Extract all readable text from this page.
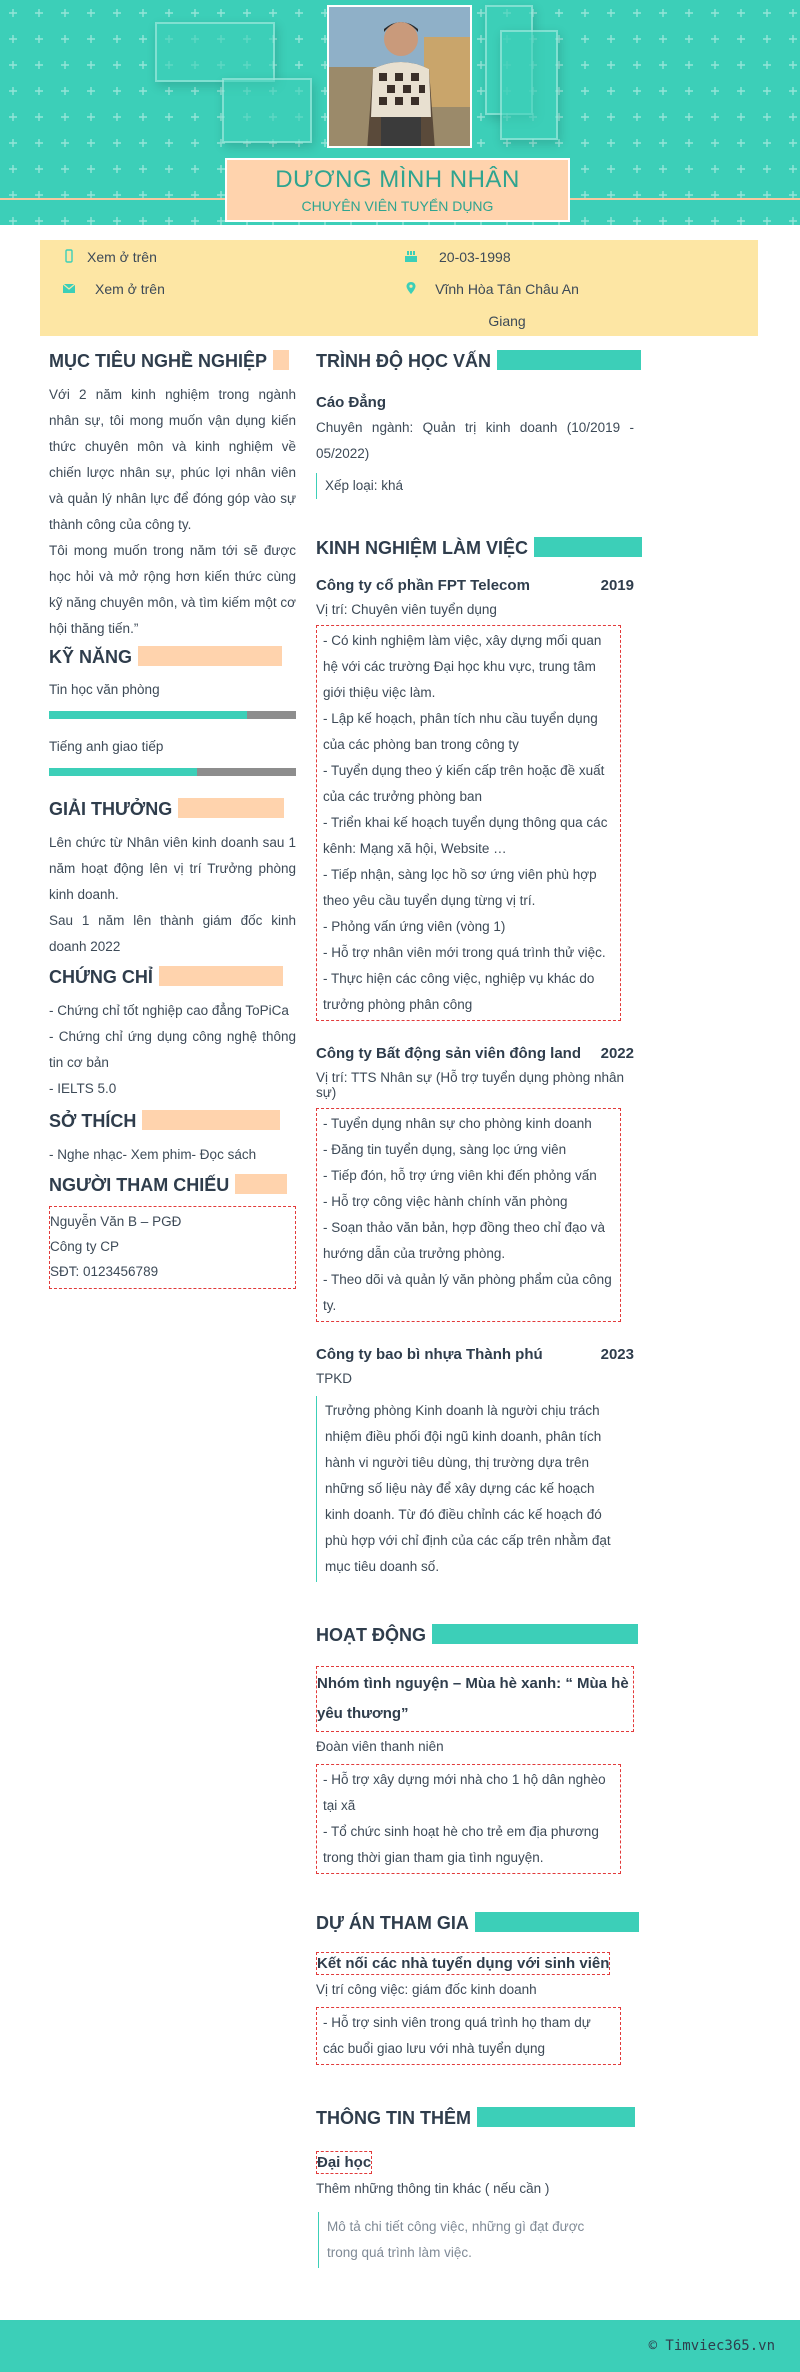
DƯƠNG MÌNH NHÂN
CHUYÊN VIÊN TUYỂN DỤNG
Xem ở trên
Xem ở trên
20-03-1998
Vĩnh Hòa Tân Châu An Giang
MỤC TIÊU NGHỀ NGHIỆP
Với 2 năm kinh nghiệm trong ngành nhân sự, tôi mong muốn vận dụng kiến thức chuyên môn và kinh nghiệm về chiến lược nhân sự, phúc lợi nhân viên và quản lý nhân lực để đóng góp vào sự thành công của công ty.
Tôi mong muốn trong năm tới sẽ được học hỏi và mở rộng hơn kiến thức cùng kỹ năng chuyên môn, và tìm kiếm một cơ hội thăng tiến.”
KỸ NĂNG
Tin học văn phòng
Tiếng anh giao tiếp
GIẢI THƯỞNG
Lên chức từ Nhân viên kinh doanh sau 1 năm hoạt động lên vị trí Trưởng phòng kinh doanh.
Sau 1 năm lên thành giám đốc kinh doanh 2022
CHỨNG CHỈ
- Chứng chỉ tốt nghiệp cao đẳng ToPiCa
- Chứng chỉ ứng dụng công nghệ thông tin cơ bản
- IELTS 5.0
SỞ THÍCH
- Nghe nhạc- Xem phim- Đọc sách
NGƯỜI THAM CHIẾU
Nguyễn Văn B – PGĐ
Công ty CP
SĐT: 0123456789
TRÌNH ĐỘ HỌC VẤN
Cáo Đẳng
Chuyên ngành: Quản trị kinh doanh (10/2019 - 05/2022)
Xếp loại: khá
KINH NGHIỆM LÀM VIỆC
Công ty cổ phần FPT Telecom	2019
Vị trí: Chuyên viên tuyển dụng
- Có kinh nghiệm làm việc, xây dựng mối quan hệ với các trường Đại học khu vực, trung tâm giới thiệu việc làm.
- Lập kế hoạch, phân tích nhu cầu tuyển dụng của các phòng ban trong công ty
- Tuyển dụng theo ý kiến cấp trên hoặc đề xuất của các trưởng phòng ban
- Triển khai kế hoạch tuyển dụng thông qua các kênh: Mạng xã hội, Website …
- Tiếp nhận, sàng lọc hồ sơ ứng viên phù hợp theo yêu cầu tuyển dụng từng vị trí.
- Phỏng vấn ứng viên (vòng 1)
- Hỗ trợ nhân viên mới trong quá trình thử việc.
- Thực hiện các công việc, nghiệp vụ khác do trưởng phòng phân công
Công ty Bất động sản viên đông land 2022
Vị trí: TTS Nhân sự (Hỗ trợ tuyển dụng phòng nhân sự)
- Tuyển dụng nhân sự cho phòng kinh doanh
- Đăng tin tuyển dụng, sàng lọc ứng viên
- Tiếp đón, hỗ trợ ứng viên khi đến phỏng vấn
- Hỗ trợ công việc hành chính văn phòng
- Soạn thảo văn bản, hợp đồng theo chỉ đạo và hướng dẫn của trưởng phòng.
- Theo dõi và quản lý văn phòng phẩm của công ty.
Công ty bao bì nhựa Thành phú	2023
TPKD
Trưởng phòng Kinh doanh là người chịu trách nhiệm điều phối đội ngũ kinh doanh, phân tích hành vi người tiêu dùng, thị trường dựa trên những số liệu này để xây dựng các kế hoạch kinh doanh. Từ đó điều chỉnh các kế hoạch đó phù hợp với chỉ định của các cấp trên nhằm đạt mục tiêu doanh số.
HOẠT ĐỘNG
Nhóm tình nguyện – Mùa hè xanh: “ Mùa hè yêu thương”
Đoàn viên thanh niên
- Hỗ trợ xây dựng mới nhà cho 1 hộ dân nghèo tại xã
- Tổ chức sinh hoạt hè cho trẻ em địa phương trong thời gian tham gia tình nguyện.
DỰ ÁN THAM GIA
Kết nối các nhà tuyển dụng với sinh viên
Vị trí công việc: giám đốc kinh doanh
- Hỗ trợ sinh viên trong quá trình họ tham dự các buổi giao lưu với nhà tuyển dụng
THÔNG TIN THÊM
Đại học
Thêm những thông tin khác ( nếu cần )
Mô tả chi tiết công việc, những gì đạt được trong quá trình làm việc.
© Timviec365.vn
